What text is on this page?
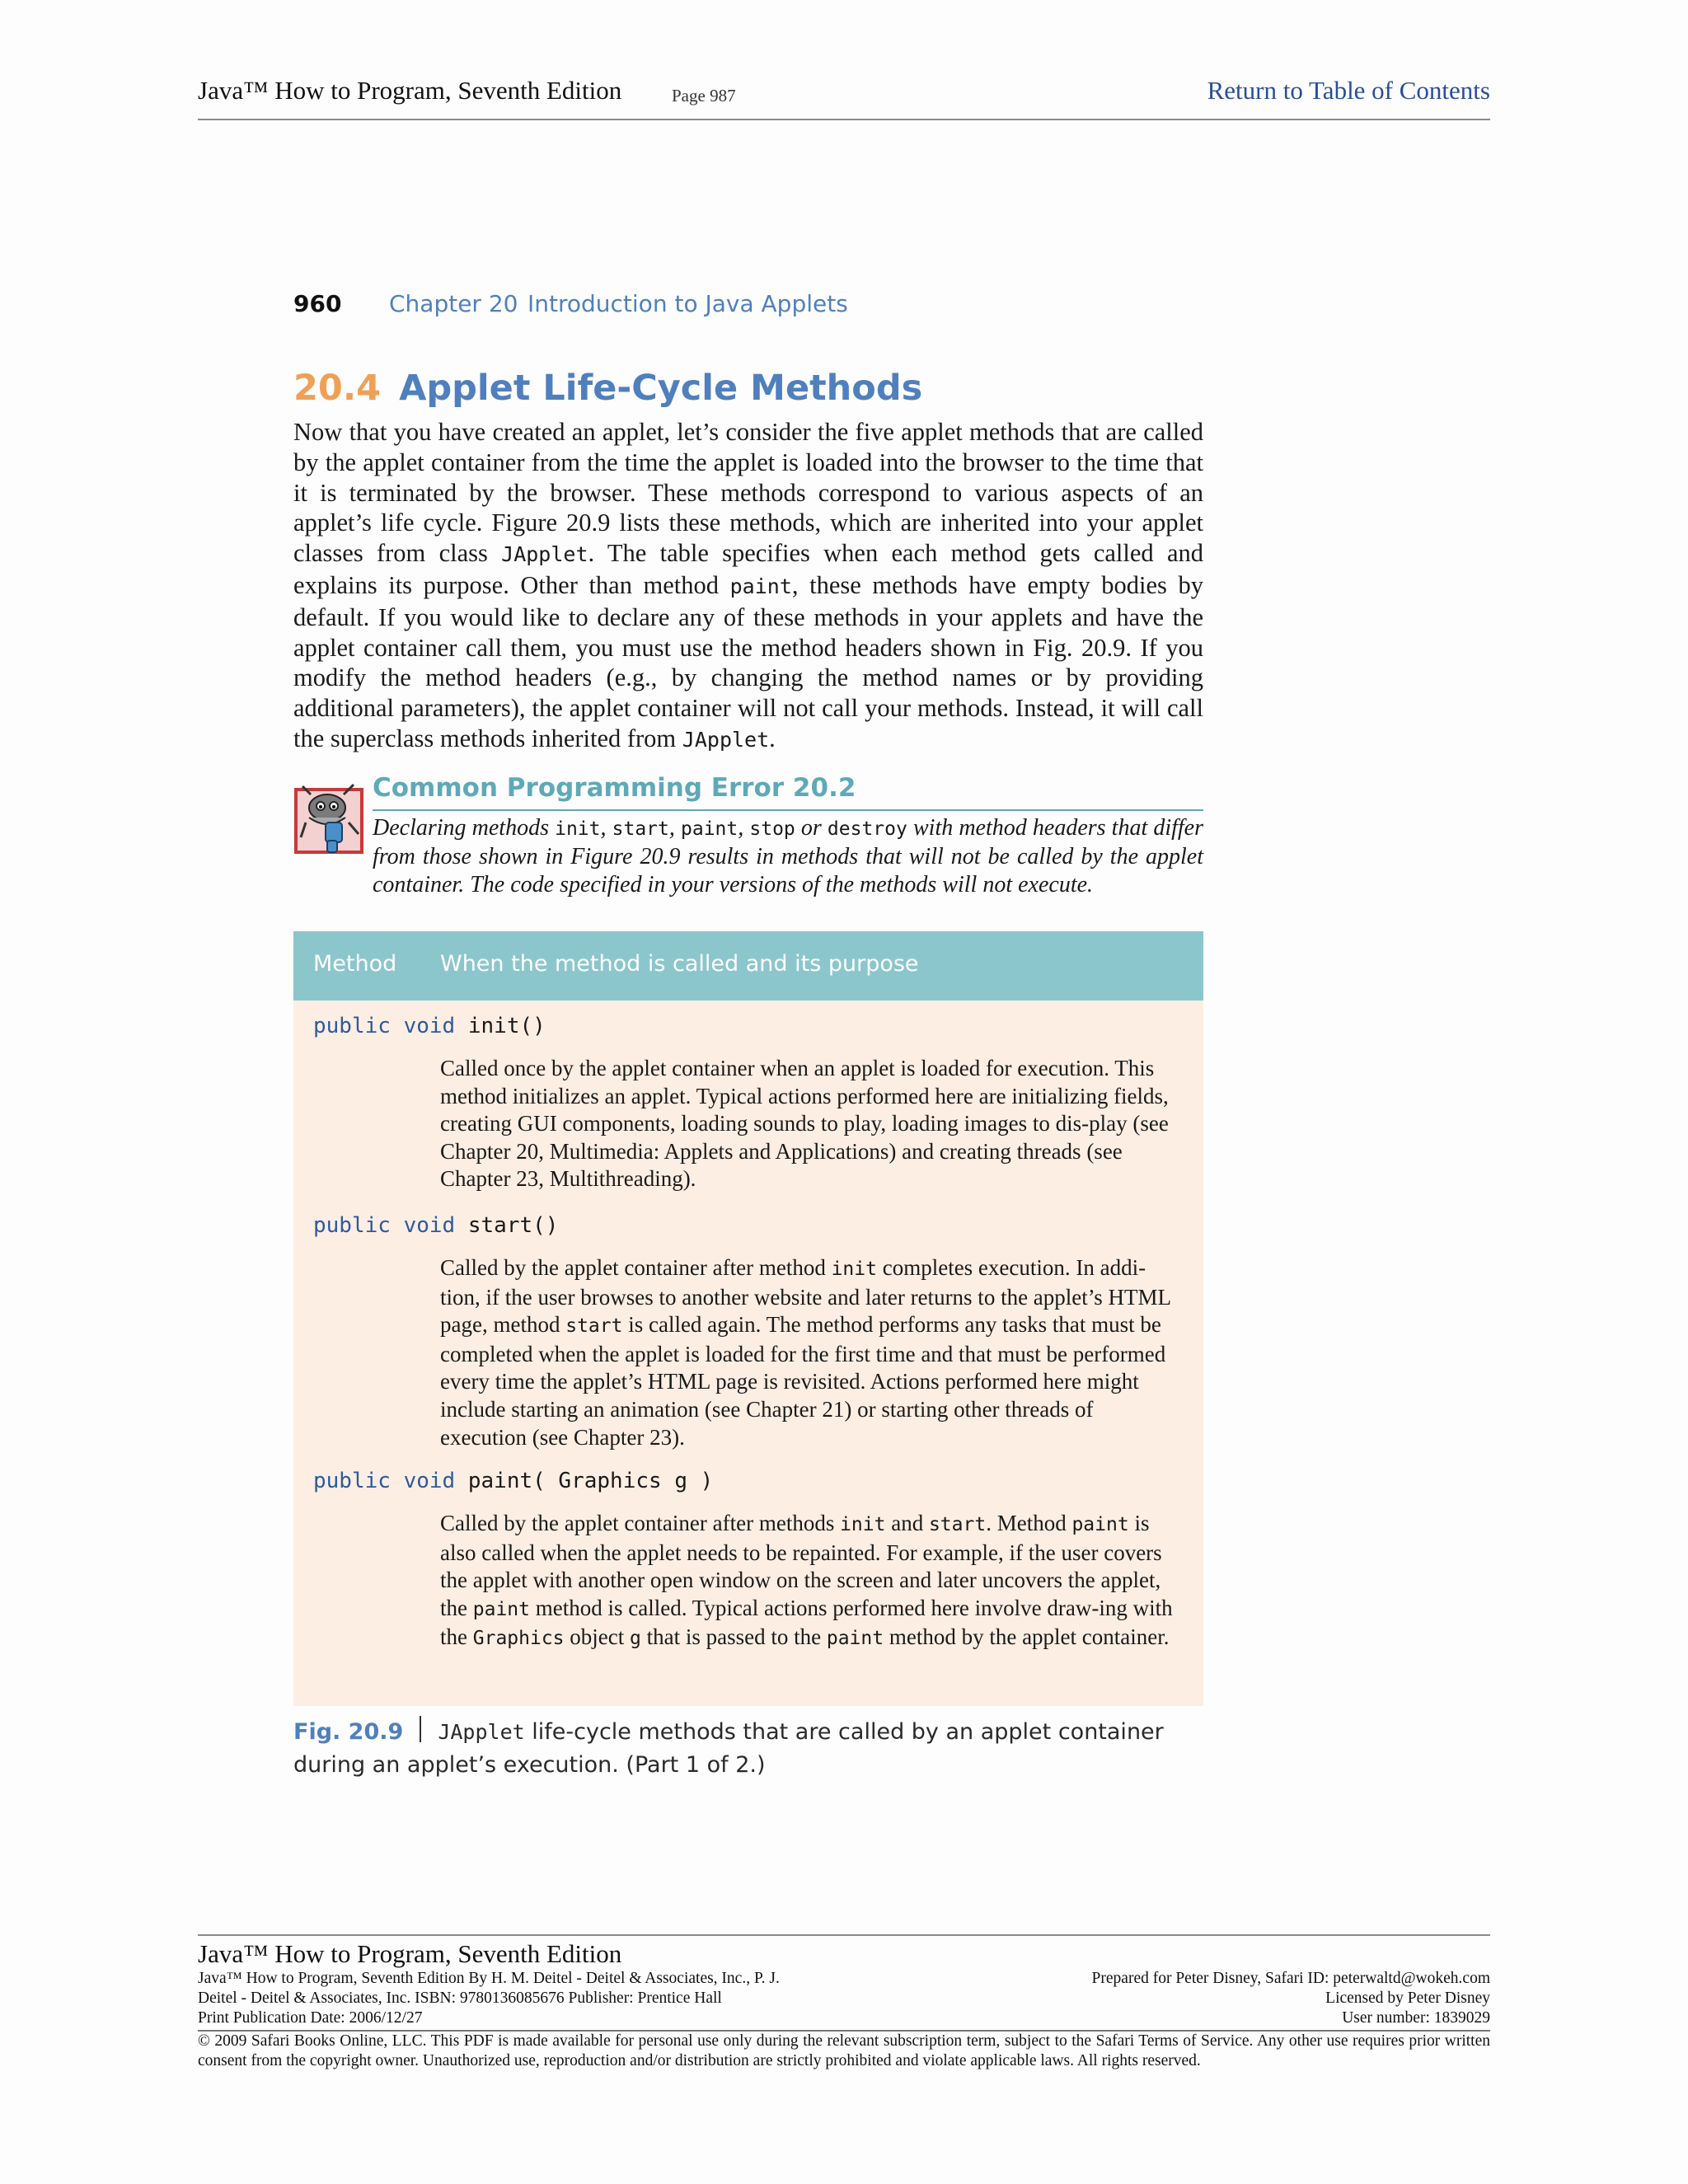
Java™ How to Program, Seventh Edition	Page 987	Return to Table of Contents
960 Chapter 20 Introduction to Java Applets
20.4 Applet Life-Cycle Methods

Now that you have created an applet, let’s consider the five applet methods that are called by the applet container from the time the applet is loaded into the browser to the time that it is terminated by the browser. These methods correspond to various aspects of an applet’s life cycle. Figure 20.9 lists these methods, which are inherited into your applet classes from class JApplet. The table specifies when each method gets called and explains its purpose. Other than method paint, these methods have empty bodies by default. If you would like to declare any of these methods in your applets and have the applet container call them, you must use the method headers shown in Fig. 20.9. If you modify the method headers (e.g., by changing the method names or by providing additional parameters), the applet container will not call your methods. Instead, it will call the superclass methods inherited from JApplet.

Common Programming Error 20.2

Declaring methods init, start, paint, stop or destroy with method headers that differ from those shown in Figure 20.9 results in methods that will not be called by the applet container. The code specified in your versions of the methods will not execute.

Method When the method is called and its purpose
public void init()
Called once by the applet container when an applet is loaded for execution. This method initializes an applet. Typical actions performed here are initializing fields, creating GUI components, loading sounds to play, loading images to dis-play (see Chapter 20, Multimedia: Applets and Applications) and creating threads (see Chapter 23, Multithreading).
public void start()
Called by the applet container after method init completes execution. In addi-tion, if the user browses to another website and later returns to the applet’s HTML page, method start is called again. The method performs any tasks that must be completed when the applet is loaded for the first time and that must be performed every time the applet’s HTML page is revisited. Actions performed here might include starting an animation (see Chapter 21) or starting other threads of execution (see Chapter 23).
public void paint( Graphics g )
Called by the applet container after methods init and start. Method paint is also called when the applet needs to be repainted. For example, if the user covers the applet with another open window on the screen and later uncovers the applet, the paint method is called. Typical actions performed here involve draw-ing with the Graphics object g that is passed to the paint method by the applet container.
Fig. 20.9 JApplet life-cycle methods that are called by an applet container during an applet’s execution. (Part 1 of 2.)
Java™ How to Program, Seventh Edition
Java™ How to Program, Seventh Edition By H. M. Deitel - Deitel & Associates, Inc., P. J.	Prepared for Peter Disney, Safari ID: peterwaltd@wokeh.com
Deitel - Deitel & Associates, Inc. ISBN: 9780136085676 Publisher: Prentice Hall	Licensed by Peter Disney
Print Publication Date: 2006/12/27	User number: 1839029
© 2009 Safari Books Online, LLC. This PDF is made available for personal use only during the relevant subscription term, subject to the Safari Terms of Service. Any other use requires prior written consent from the copyright owner. Unauthorized use, reproduction and/or distribution are strictly prohibited and violate applicable laws. All rights reserved.
